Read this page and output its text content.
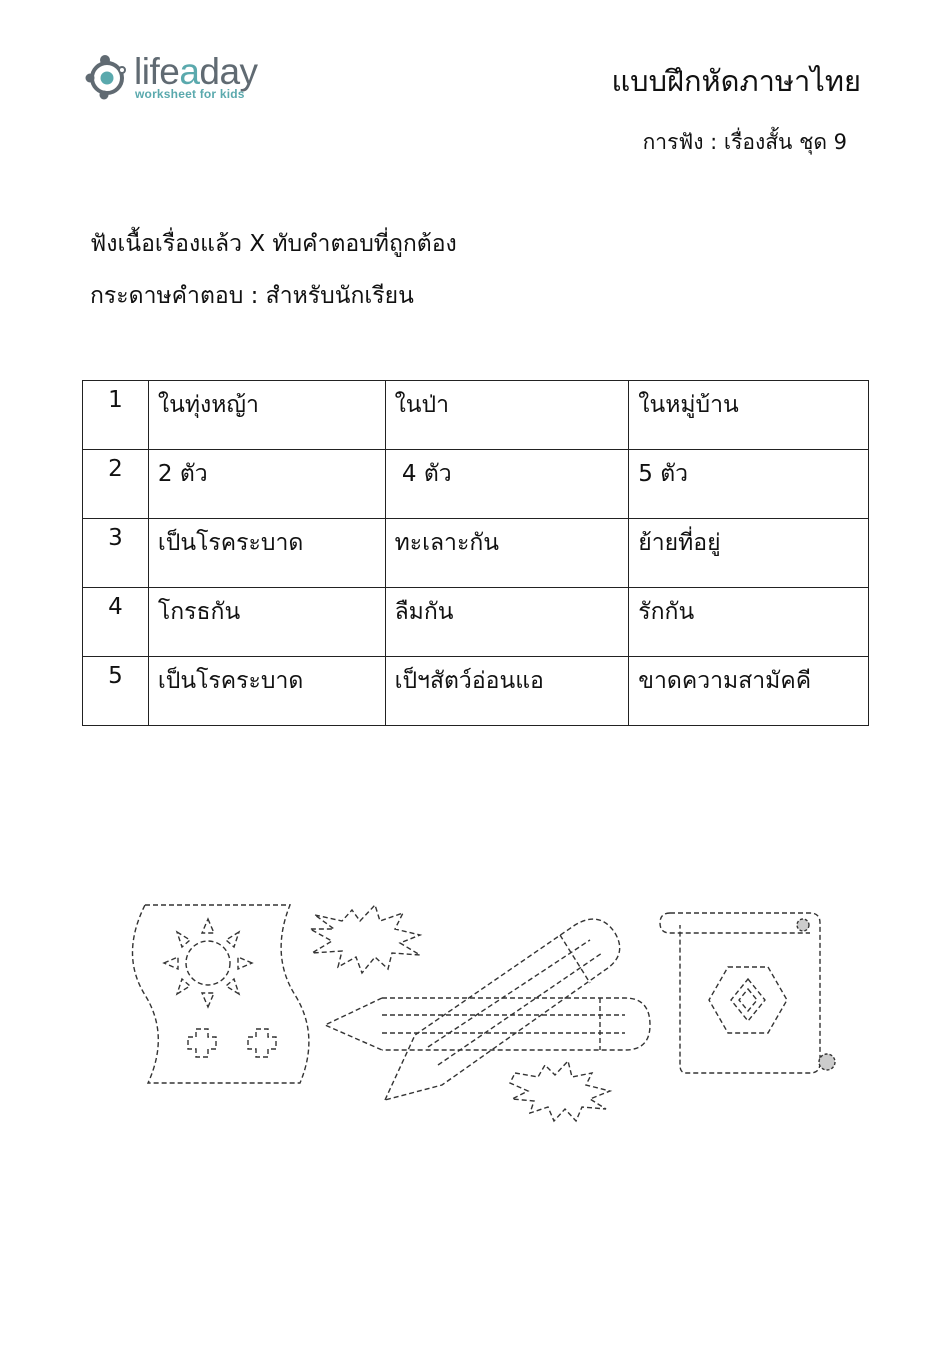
lifeaday
worksheet for kids	แบบฝึกหัดภาษาไทย
การฟัง : เรื่องสั้น ชุด 9
ฟังเนื้อเรื่องแล้ว X ทับคำตอบที่ถูกต้อง
กระดาษคำตอบ : สำหรับนักเรียน
1	ในทุ่งหญ้า	ในป่า	ในหมู่บ้าน
2	2 ตัว	4 ตัว	5 ตัว
3	เป็นโรคระบาด	ทะเลาะกัน	ย้ายที่อยู่
4	โกรธกัน	ลืมกัน	รักกัน
5	เป็นโรคระบาด	เป็ฯสัตว์อ่อนแอ	ขาดความสามัคคี
